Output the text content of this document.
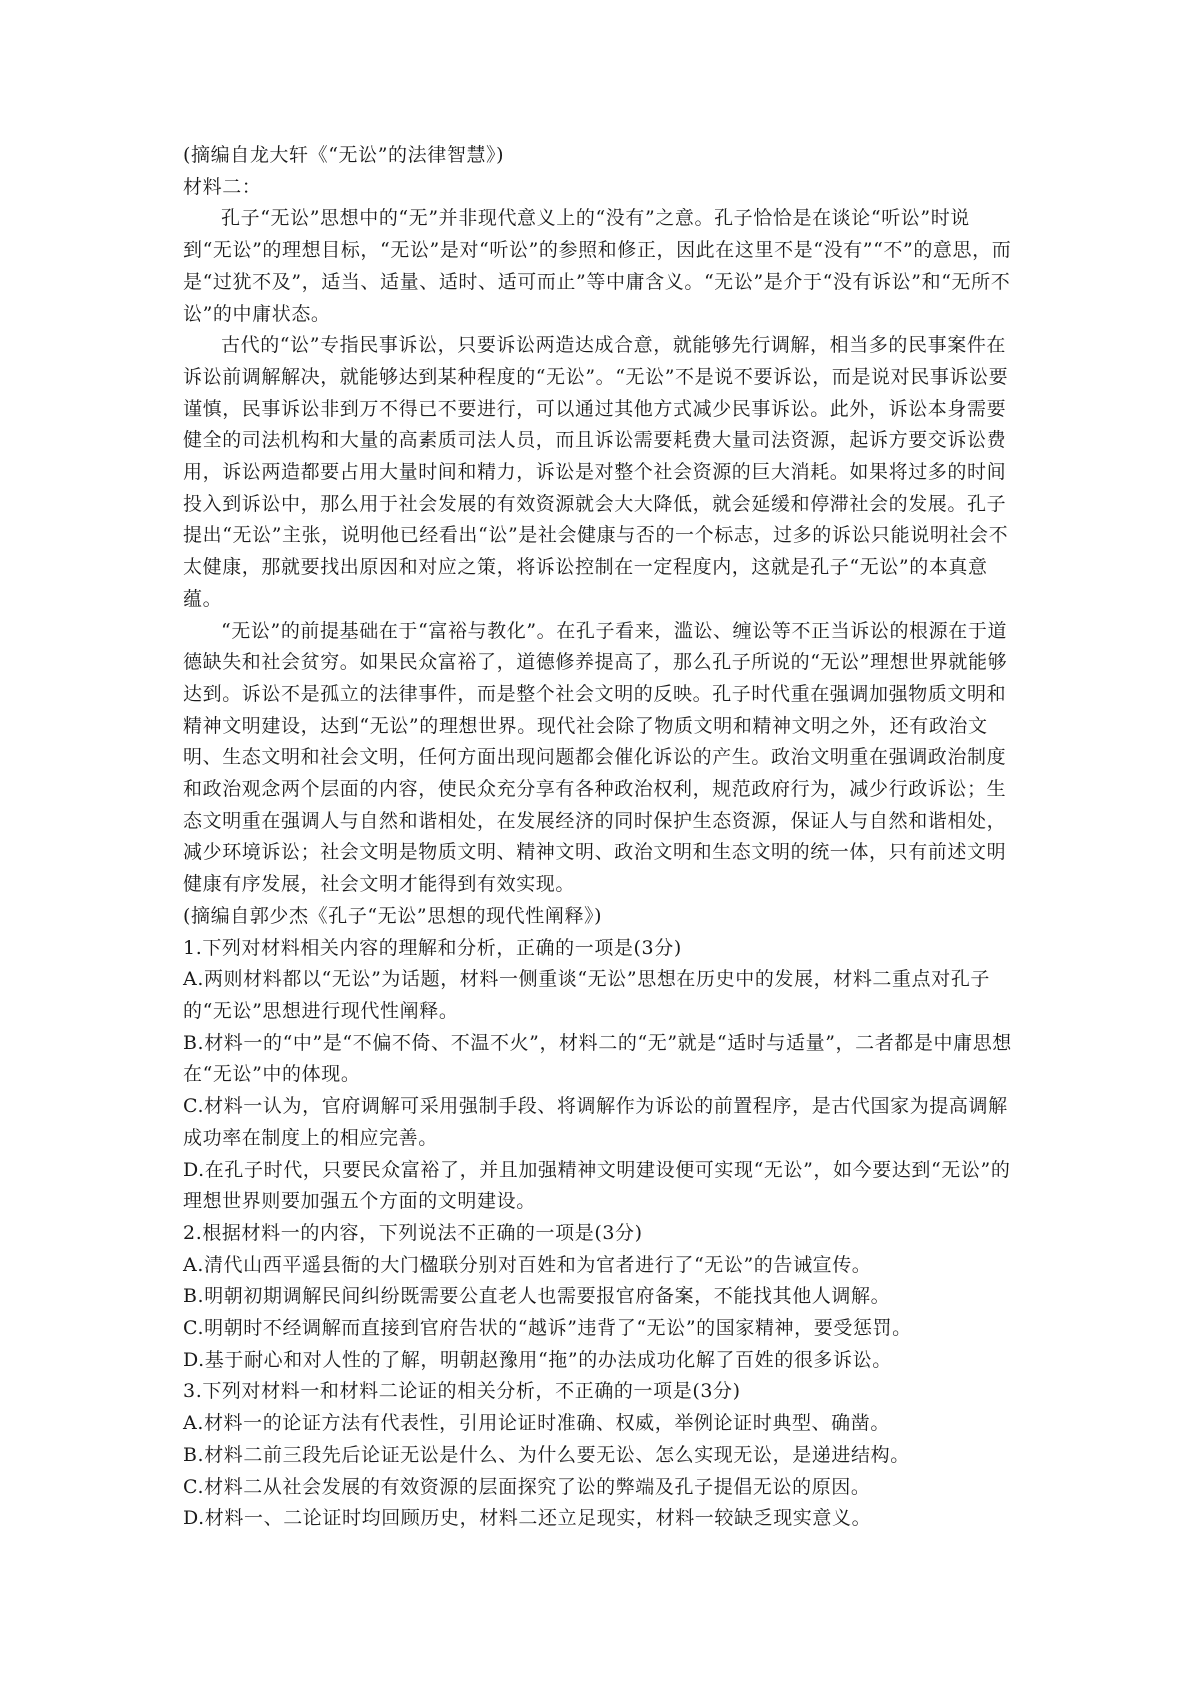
(摘编自龙大轩《“无讼”的法律智慧》)

材料二：

孔子“无讼”思想中的“无”并非现代意义上的“没有”之意。孔子恰恰是在谈论“听讼”时说到“无讼”的理想目标，“无讼”是对“听讼”的参照和修正，因此在这里不是“没有”“不”的意思，而是“过犹不及”，适当、适量、适时、适可而止”等中庸含义。“无讼”是介于“没有诉讼”和“无所不讼”的中庸状态。

古代的“讼”专指民事诉讼，只要诉讼两造达成合意，就能够先行调解，相当多的民事案件在诉讼前调解解决，就能够达到某种程度的“无讼”。“无讼”不是说不要诉讼，而是说对民事诉讼要谨慎，民事诉讼非到万不得已不要进行，可以通过其他方式减少民事诉讼。此外，诉讼本身需要健全的司法机构和大量的高素质司法人员，而且诉讼需要耗费大量司法资源，起诉方要交诉讼费用，诉讼两造都要占用大量时间和精力，诉讼是对整个社会资源的巨大消耗。如果将过多的时间投入到诉讼中，那么用于社会发展的有效资源就会大大降低，就会延缓和停滞社会的发展。孔子提出“无讼”主张，说明他已经看出“讼”是社会健康与否的一个标志，过多的诉讼只能说明社会不太健康，那就要找出原因和对应之策，将诉讼控制在一定程度内，这就是孔子“无讼”的本真意蕴。

“无讼”的前提基础在于“富裕与教化”。在孔子看来，滥讼、缠讼等不正当诉讼的根源在于道德缺失和社会贫穷。如果民众富裕了，道德修养提高了，那么孔子所说的“无讼”理想世界就能够达到。诉讼不是孤立的法律事件，而是整个社会文明的反映。孔子时代重在强调加强物质文明和精神文明建设，达到“无讼”的理想世界。现代社会除了物质文明和精神文明之外，还有政治文明、生态文明和社会文明，任何方面出现问题都会催化诉讼的产生。政治文明重在强调政治制度和政治观念两个层面的内容，使民众充分享有各种政治权利，规范政府行为，减少行政诉讼；生态文明重在强调人与自然和谐相处，在发展经济的同时保护生态资源，保证人与自然和谐相处，减少环境诉讼；社会文明是物质文明、精神文明、政治文明和生态文明的统一体，只有前述文明健康有序发展，社会文明才能得到有效实现。

(摘编自郭少杰《孔子“无讼”思想的现代性阐释》)

1.下列对材料相关内容的理解和分析，正确的一项是(3分)

A.两则材料都以“无讼”为话题，材料一侧重谈“无讼”思想在历史中的发展，材料二重点对孔子的“无讼”思想进行现代性阐释。

B.材料一的“中”是“不偏不倚、不温不火”，材料二的“无”就是“适时与适量”，二者都是中庸思想在“无讼”中的体现。

C.材料一认为，官府调解可采用强制手段、将调解作为诉讼的前置程序，是古代国家为提高调解成功率在制度上的相应完善。

D.在孔子时代，只要民众富裕了，并且加强精神文明建设便可实现“无讼”，如今要达到“无讼”的理想世界则要加强五个方面的文明建设。

2.根据材料一的内容，下列说法不正确的一项是(3分)

A.清代山西平遥县衙的大门楹联分别对百姓和为官者进行了“无讼”的告诫宣传。

B.明朝初期调解民间纠纷既需要公直老人也需要报官府备案，不能找其他人调解。

C.明朝时不经调解而直接到官府告状的“越诉”违背了“无讼”的国家精神，要受惩罚。

D.基于耐心和对人性的了解，明朝赵豫用“拖”的办法成功化解了百姓的很多诉讼。

3.下列对材料一和材料二论证的相关分析，不正确的一项是(3分)

A.材料一的论证方法有代表性，引用论证时准确、权威，举例论证时典型、确凿。

B.材料二前三段先后论证无讼是什么、为什么要无讼、怎么实现无讼，是递进结构。

C.材料二从社会发展的有效资源的层面探究了讼的弊端及孔子提倡无讼的原因。

D.材料一、二论证时均回顾历史，材料二还立足现实，材料一较缺乏现实意义。
